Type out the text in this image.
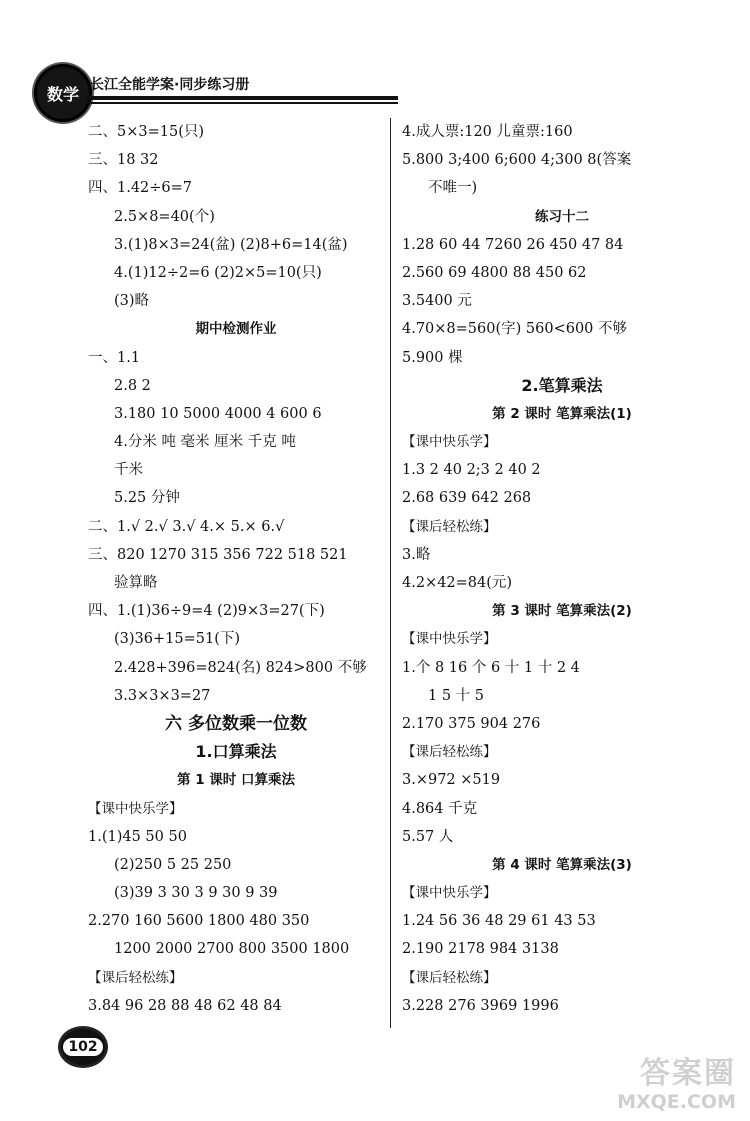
数学 长江全能学案·同步练习册
二、5×3=15(只)
三、18 32
四、1.42÷6=7
2.5×8=40(个)
3.(1)8×3=24(盆) (2)8+6=14(盆)
4.(1)12÷2=6 (2)2×5=10(只)
(3)略
期中检测作业
一、1.1
2.8 2
3.180 10 5000 4000 4 600 6
4.分米 吨 毫米 厘米 千克 吨
千米
5.25 分钟
二、1.√ 2.√ 3.√ 4.× 5.× 6.√
三、820 1270 315 356 722 518 521
验算略
四、1.(1)36÷9=4 (2)9×3=27(下)
(3)36+15=51(下)
2.428+396=824(名) 824>800 不够
3.3×3×3=27
六 多位数乘一位数
1.口算乘法
第 1 课时 口算乘法
【课中快乐学】
1.(1)45 50 50
(2)250 5 25 250
(3)39 3 30 3 9 30 9 39
2.270 160 5600 1800 480 350
1200 2000 2700 800 3500 1800
【课后轻松练】
3.84 96 28 88 48 62 48 84
4.成人票:120 儿童票:160
5.800 3;400 6;600 4;300 8(答案
不唯一)
练习十二
1.28 60 44 7260 26 450 47 84
2.560 69 4800 88 450 62
3.5400 元
4.70×8=560(字) 560<600 不够
5.900 棵
2.笔算乘法
第 2 课时 笔算乘法(1)
【课中快乐学】
1.3 2 40 2;3 2 40 2
2.68 639 642 268
【课后轻松练】
3.略
4.2×42=84(元)
第 3 课时 笔算乘法(2)
【课中快乐学】
1.个 8 16 个 6 十 1 十 2 4
1 5 十 5
2.170 375 904 276
【课后轻松练】
3.×972 ×519
4.864 千克
5.57 人
第 4 课时 笔算乘法(3)
【课中快乐学】
1.24 56 36 48 29 61 43 53
2.190 2178 984 3138
【课后轻松练】
3.228 276 3969 1996
102
答案圈
MXQE.COM
